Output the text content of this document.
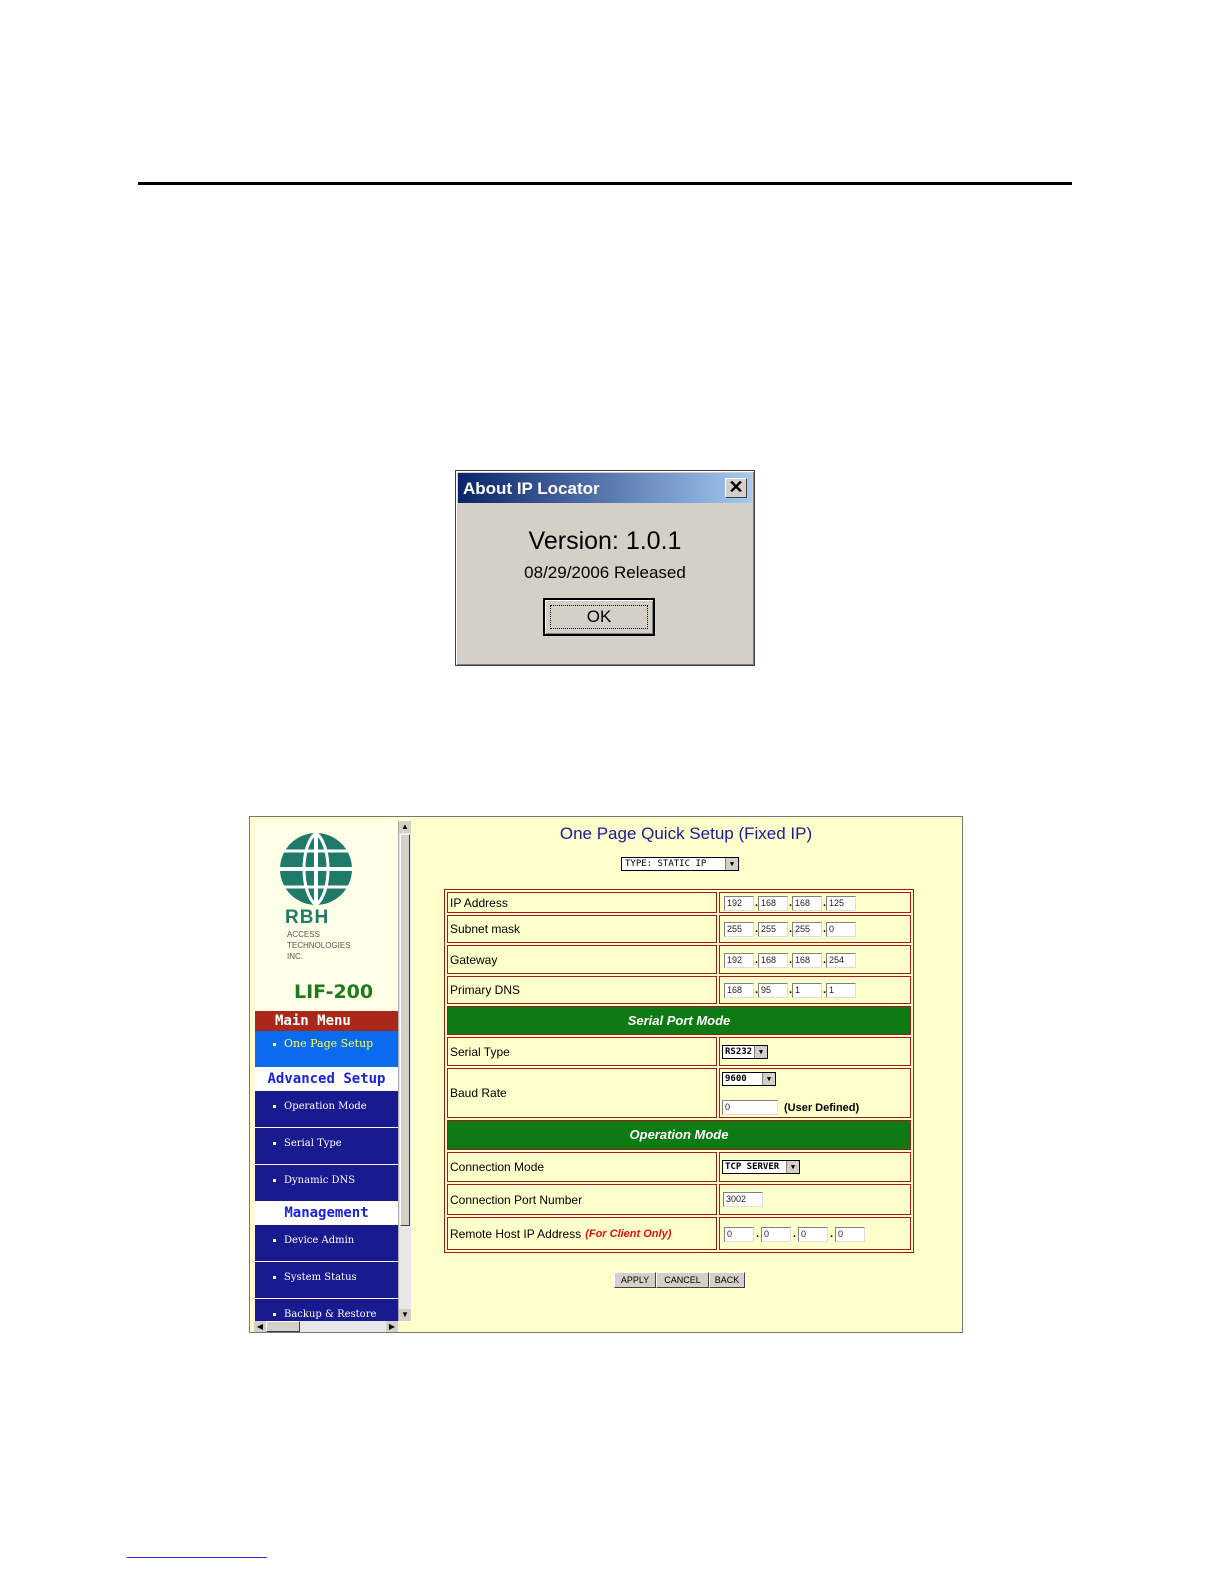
About IP Locator	✕
Version: 1.0.1
08/29/2006 Released
OK
RBH
ACCESS
TECHNOLOGIES
INC.
LIF-200
Main Menu
One Page Setup
Advanced Setup
Operation Mode
Serial Type
Dynamic DNS
Management
Device Admin
System Status
Backup & Restore
▲
▼
◀	▶
One Page Quick Setup (Fixed IP)
TYPE: STATIC IP	▼
IP Address	192	. 168	. 168	. 125
Subnet mask	255	. 255	. 255	. 0
Gateway	192	. 168	. 168	. 254
Primary DNS	168	. 95	. 1	. 1
Serial Port Mode
Serial Type	RS232 ▼
Baud Rate
9600	▼
0	(User Defined)
Operation Mode
Connection Mode	TCP SERVER	▼
Connection Port Number	3002
Remote Host IP Address (For Client Only)	0	. 0	. 0	. 0
APPLY	CANCEL	BACK
